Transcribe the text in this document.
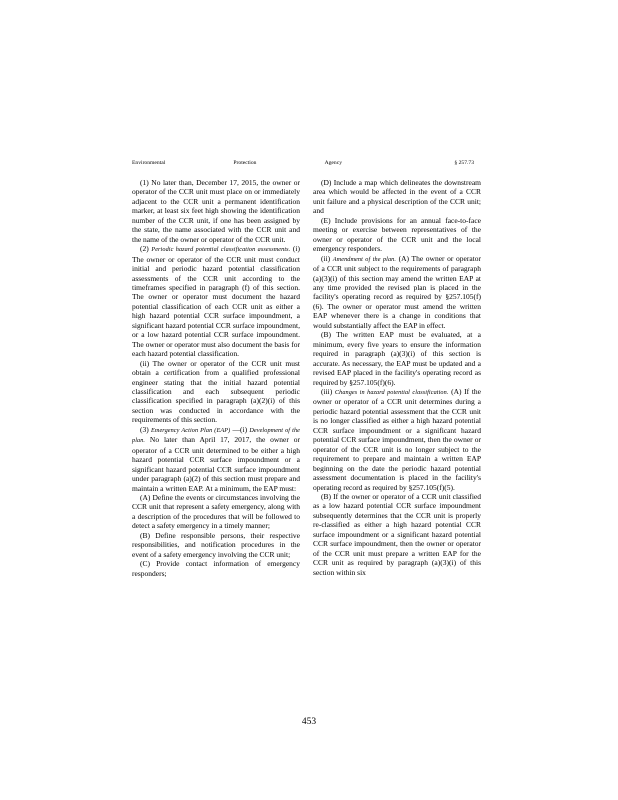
Environmental	Protection	Agency	§ 257.73

(1) No later than, December 17, 2015, the owner or operator of the CCR unit must place on or immediately adjacent to the CCR unit a permanent identification marker, at least six feet high showing the identification number of the CCR unit, if one has been assigned by the state, the name associated with the CCR unit and the name of the owner or operator of the CCR unit.

(2) Periodic hazard potential classification assessments. (i) The owner or operator of the CCR unit must conduct initial and periodic hazard potential classification assessments of the CCR unit according to the timeframes specified in paragraph (f) of this section. The owner or operator must document the hazard potential classification of each CCR unit as either a high hazard potential CCR surface impoundment, a significant hazard potential CCR surface impoundment, or a low hazard potential CCR surface impoundment. The owner or operator must also document the basis for each hazard potential classification.

(ii) The owner or operator of the CCR unit must obtain a certification from a qualified professional engineer stating that the initial hazard potential classification and each subsequent periodic classification specified in paragraph (a)(2)(i) of this section was conducted in accordance with the requirements of this section.

(3) Emergency Action Plan (EAP) —(i) Development of the plan. No later than April 17, 2017, the owner or operator of a CCR unit determined to be either a high hazard potential CCR surface impoundment or a significant hazard potential CCR surface impoundment under paragraph (a)(2) of this section must prepare and maintain a written EAP. At a minimum, the EAP must:

(A) Define the events or circumstances involving the CCR unit that represent a safety emergency, along with a description of the procedures that will be followed to detect a safety emergency in a timely manner;

(B) Define responsible persons, their respective responsibilities, and notification procedures in the event of a safety emergency involving the CCR unit;

(C) Provide contact information of emergency responders;

(D) Include a map which delineates the downstream area which would be affected in the event of a CCR unit failure and a physical description of the CCR unit; and

(E) Include provisions for an annual face-to-face meeting or exercise between representatives of the owner or operator of the CCR unit and the local emergency responders.

(ii) Amendment of the plan. (A) The owner or operator of a CCR unit subject to the requirements of paragraph (a)(3)(i) of this section may amend the written EAP at any time provided the revised plan is placed in the facility's operating record as required by §257.105(f)(6). The owner or operator must amend the written EAP whenever there is a change in conditions that would substantially affect the EAP in effect.

(B) The written EAP must be evaluated, at a minimum, every five years to ensure the information required in paragraph (a)(3)(i) of this section is accurate. As necessary, the EAP must be updated and a revised EAP placed in the facility's operating record as required by §257.105(f)(6).

(iii) Changes in hazard potential classification. (A) If the owner or operator of a CCR unit determines during a periodic hazard potential assessment that the CCR unit is no longer classified as either a high hazard potential CCR surface impoundment or a significant hazard potential CCR surface impoundment, then the owner or operator of the CCR unit is no longer subject to the requirement to prepare and maintain a written EAP beginning on the date the periodic hazard potential assessment documentation is placed in the facility's operating record as required by §257.105(f)(5).

(B) If the owner or operator of a CCR unit classified as a low hazard potential CCR surface impoundment subsequently determines that the CCR unit is properly re-classified as either a high hazard potential CCR surface impoundment or a significant hazard potential CCR surface impoundment, then the owner or operator of the CCR unit must prepare a written EAP for the CCR unit as required by paragraph (a)(3)(i) of this section within six

453
